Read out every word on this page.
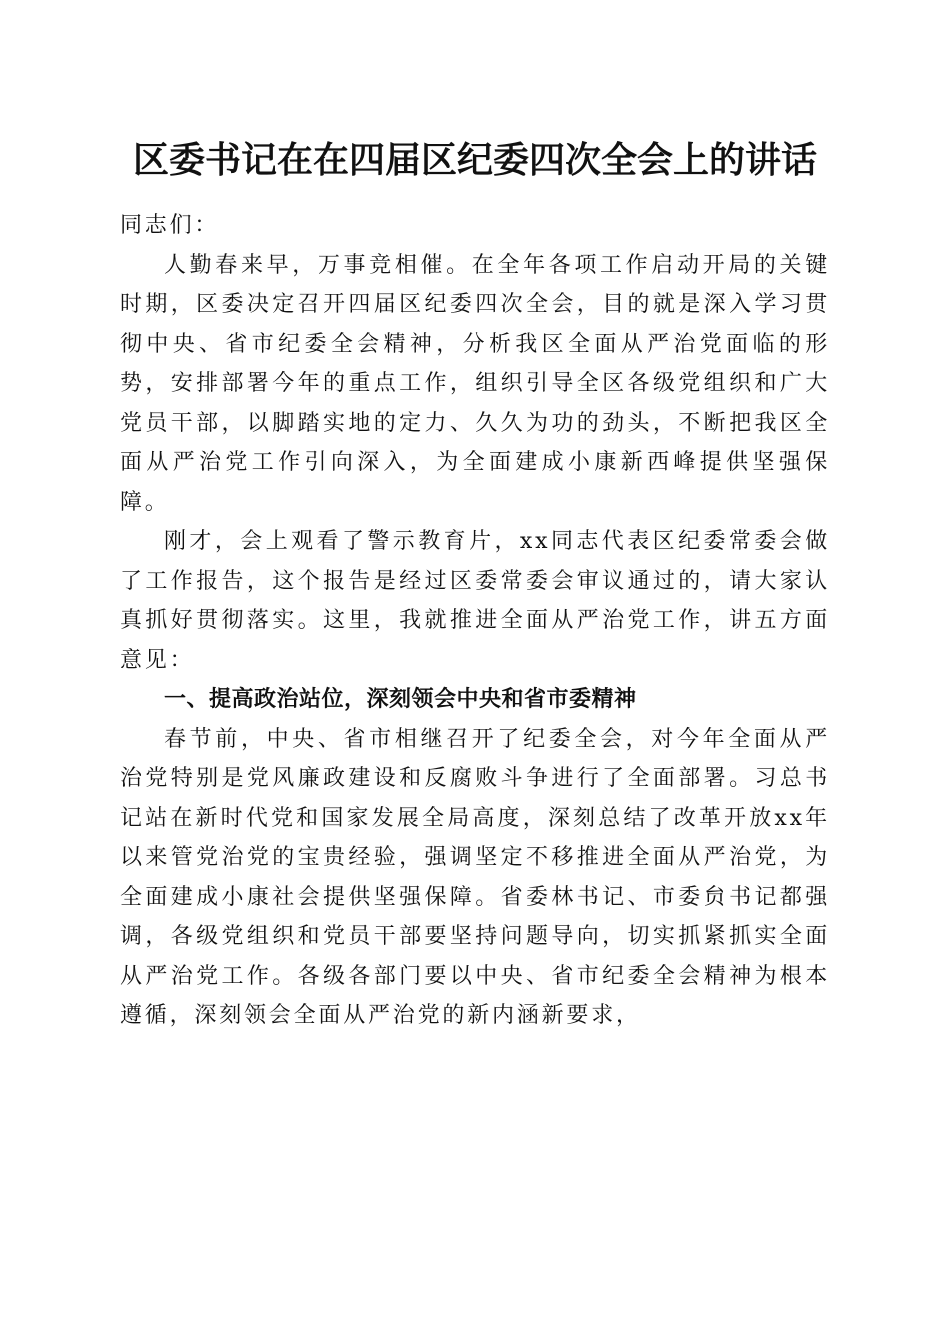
区委书记在在四届区纪委四次全会上的讲话

同志们：

人勤春来早，万事竞相催。在全年各项工作启动开局的关键时期，区委决定召开四届区纪委四次全会，目的就是深入学习贯彻中央、省市纪委全会精神，分析我区全面从严治党面临的形势，安排部署今年的重点工作，组织引导全区各级党组织和广大党员干部，以脚踏实地的定力、久久为功的劲头，不断把我区全面从严治党工作引向深入，为全面建成小康新西峰提供坚强保障。

刚才，会上观看了警示教育片，xx同志代表区纪委常委会做了工作报告，这个报告是经过区委常委会审议通过的，请大家认真抓好贯彻落实。这里，我就推进全面从严治党工作，讲五方面意见：

一、提高政治站位，深刻领会中央和省市委精神

春节前，中央、省市相继召开了纪委全会，对今年全面从严治党特别是党风廉政建设和反腐败斗争进行了全面部署。习总书记站在新时代党和国家发展全局高度，深刻总结了改革开放xx年以来管党治党的宝贵经验，强调坚定不移推进全面从严治党，为全面建成小康社会提供坚强保障。省委林书记、市委贠书记都强调，各级党组织和党员干部要坚持问题导向，切实抓紧抓实全面从严治党工作。各级各部门要以中央、省市纪委全会精神为根本遵循，深刻领会全面从严治党的新内涵新要求，
